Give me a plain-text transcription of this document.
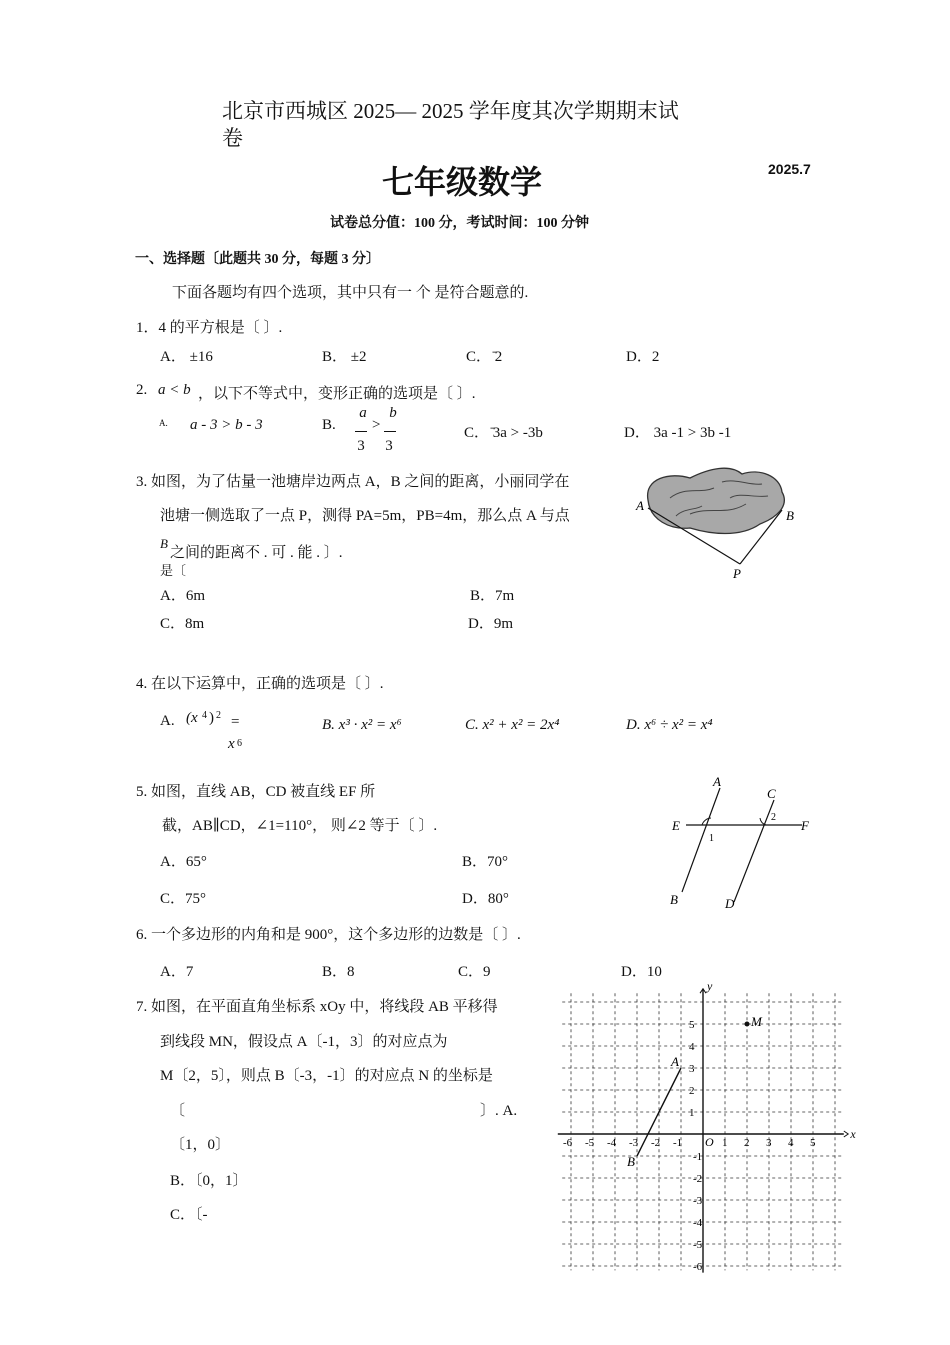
北京市西城区 2025— 2025 学年度其次学期期末试
卷
七年级数学	2025.7
试卷总分值：100 分，考试时间：100 分钟
一、选择题〔此题共 30 分，每题 3 分〕
下面各题均有四个选项，其中只有一 个 是符合题意的.
1．4 的平方根是〔 〕.
A． ±16	B． ±2	C． ̄2	D．2
2. a < b ，以下不等式中，变形正确的选项是〔 〕.
A. a - 3 > b - 3	B.
a
3
>
b
3
C． ̄3a > -3b	D． 3a -1 > 3b -1
3. 如图，为了估量一池塘岸边两点 A，B 之间的距离，小丽同学在
池塘一侧选取了一点 P，测得 PA=5m，PB=4m，那么点 A 与点
B
之间的距离不 . 可 . 能 . 〕.
是〔
A．6m	B．7m
C．8m	D．9m
A
B
P
4. 在以下运算中，正确的选项是〔 〕.
A. (x 4 ) 2 =
x 6
B. x³ · x² = x⁶	C. x² + x² = 2x⁴	D. x⁶ ÷ x² = x⁴
5. 如图，直线 AB，CD 被直线 EF 所
截，AB∥CD，∠1=110°， 则∠2 等于〔 〕.
A．65°	B．70°
C．75°	D．80°
A
B
C
D
E	F
1
2
6. 一个多边形的内角和是 900°，这个多边形的边数是〔 〕.
A．7	B．8	C．9	D．10
7. 如图，在平面直角坐标系 xOy 中，将线段 AB 平移得
到线段 MN，假设点 A〔-1，3〕的对应点为
M〔2，5〕，则点 B〔-3，-1〕的对应点 N 的坐标是
〔	〕. A.
〔1，0〕
B．〔0，1〕
C．〔-
x
y
O
-6 -5 -4 -3 -2 -1	1 2 3 4 5
5
4
3
2
1
-1
-2
-3
-4
-5
-6
A
B
M
